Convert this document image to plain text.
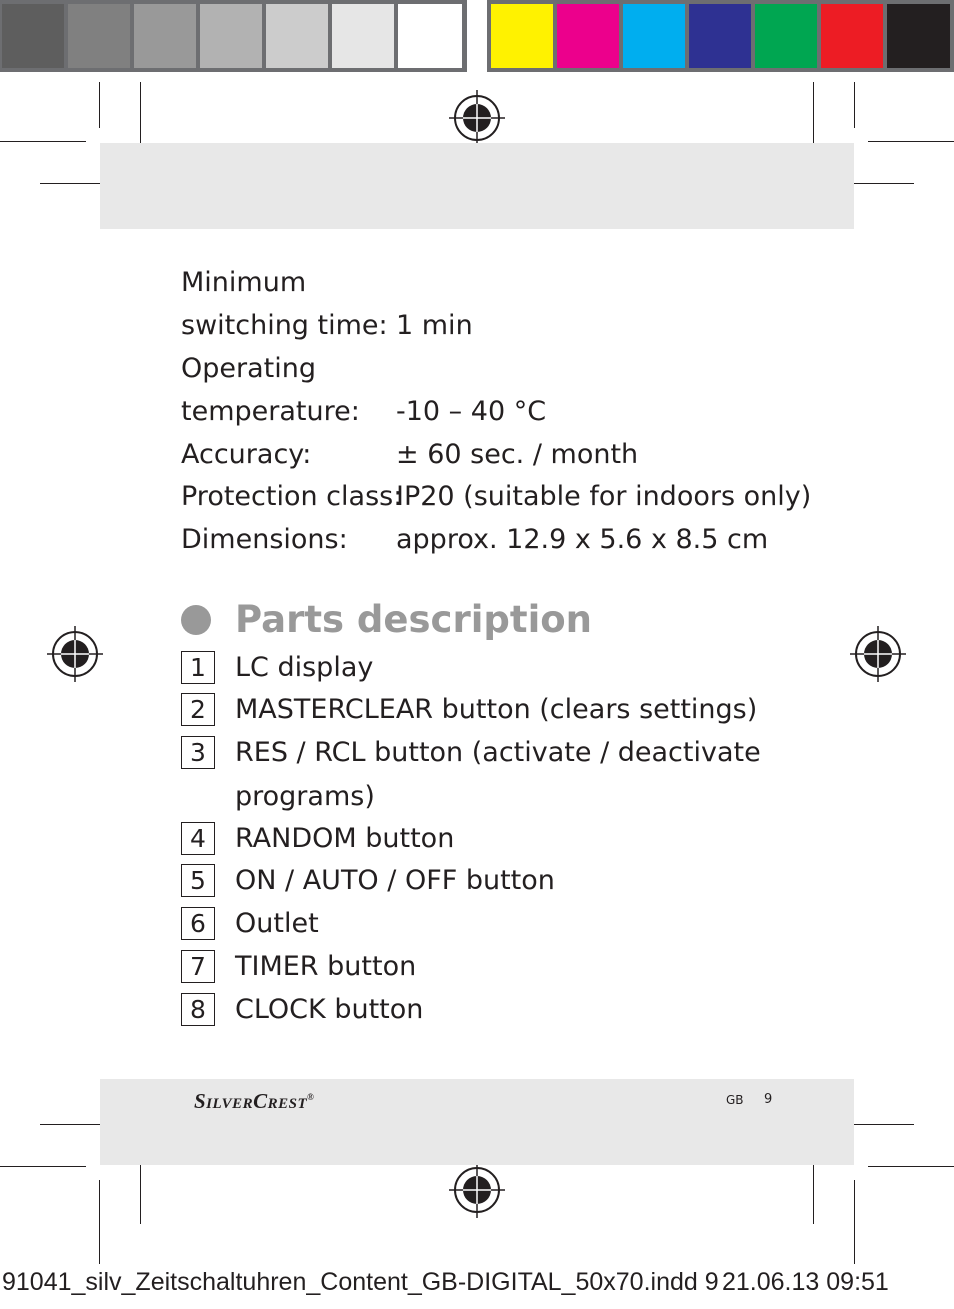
Minimum
switching time: 1 min
Operating
temperature: -10 – 40 °C
Accuracy:	± 60 sec. / month
Protection class:
IP20 (suitable for indoors only)
Dimensions: approx. 12.9 x 5.6 x 8.5 cm
Parts description
1	LC display
2	MASTERCLEAR button (clears settings)
3	RES / RCL button (activate / deactivate
programs)
4	RANDOM button
5	ON / AUTO / OFF button
6	Outlet
7	TIMER button
8	CLOCK button
SilverCrest®	GB 9
91041_silv_Zeitschaltuhren_Content_GB-DIGITAL_50x70.indd 9 21.06.13 09:51
